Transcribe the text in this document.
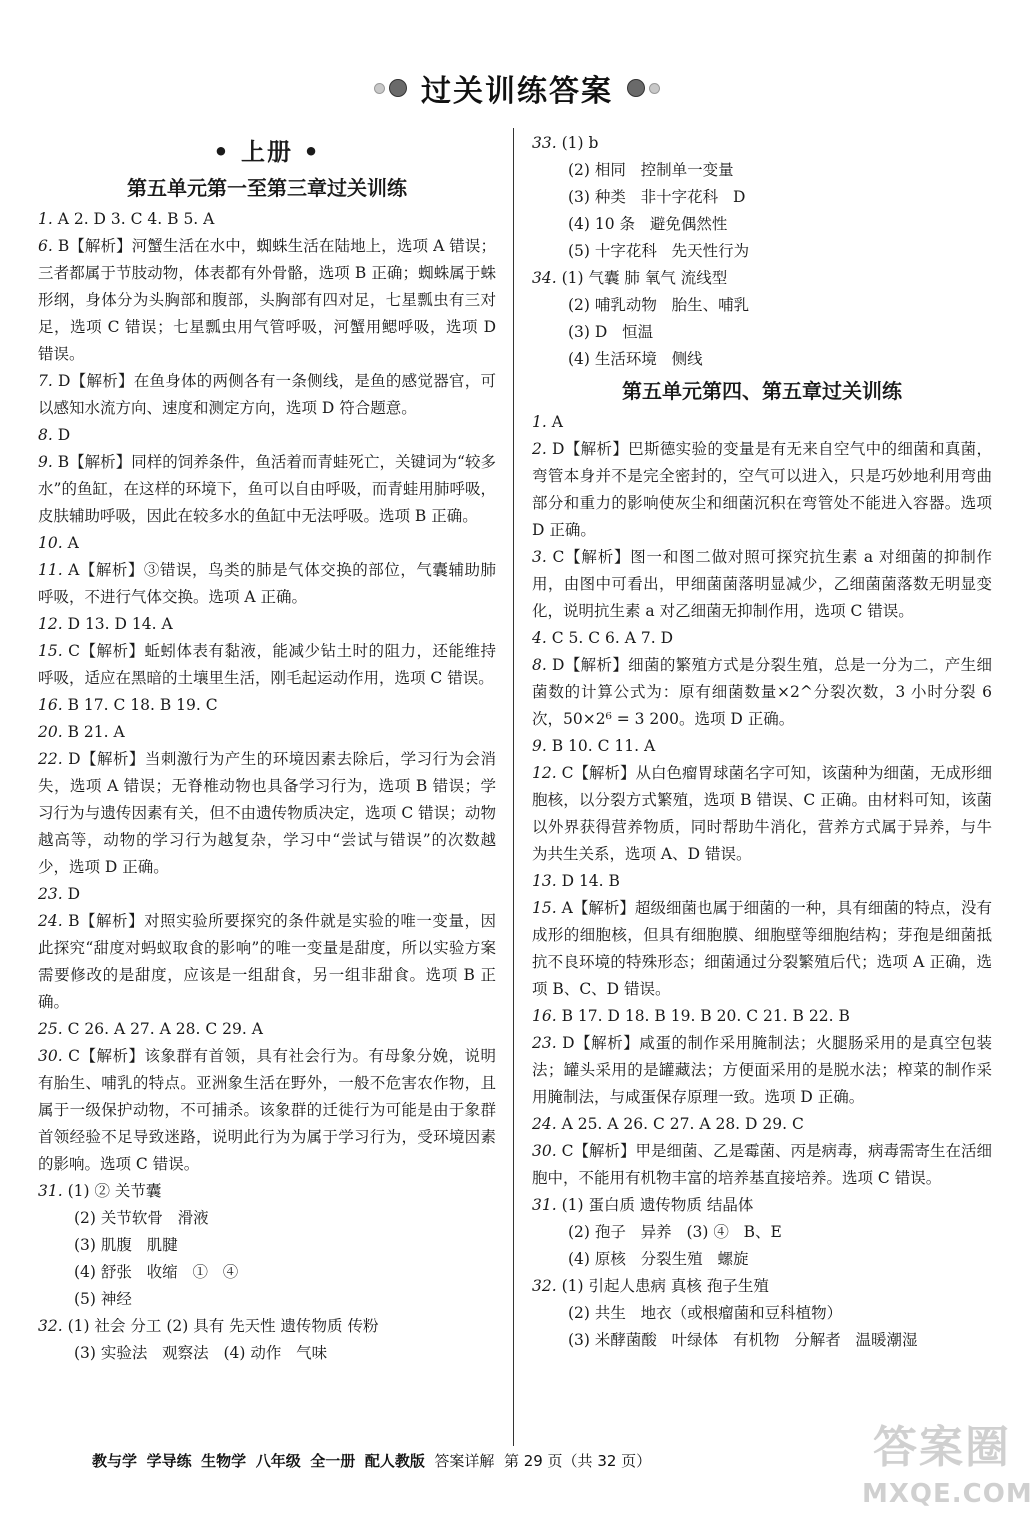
过关训练答案
• 上册 •
第五单元第一至第三章过关训练
1. A 2. D 3. C 4. B 5. A
6. B【解析】河蟹生活在水中，蜘蛛生活在陆地上，选项 A 错误；三者都属于节肢动物，体表都有外骨骼，选项 B 正确；蜘蛛属于蛛形纲，身体分为头胸部和腹部，头胸部有四对足，七星瓢虫有三对足，选项 C 错误；七星瓢虫用气管呼吸，河蟹用鳃呼吸，选项 D 错误。
7. D【解析】在鱼身体的两侧各有一条侧线，是鱼的感觉器官，可以感知水流方向、速度和测定方向，选项 D 符合题意。
8. D
9. B【解析】同样的饲养条件，鱼活着而青蛙死亡，关键词为“较多水”的鱼缸，在这样的环境下，鱼可以自由呼吸，而青蛙用肺呼吸，皮肤辅助呼吸，因此在较多水的鱼缸中无法呼吸。选项 B 正确。
10. A
11. A【解析】③错误，鸟类的肺是气体交换的部位，气囊辅助肺呼吸，不进行气体交换。选项 A 正确。
12. D 13. D 14. A
15. C【解析】蚯蚓体表有黏液，能减少钻土时的阻力，还能维持呼吸，适应在黑暗的土壤里生活，刚毛起运动作用，选项 C 错误。
16. B 17. C 18. B 19. C
20. B 21. A
22. D【解析】当刺激行为产生的环境因素去除后，学习行为会消失，选项 A 错误；无脊椎动物也具备学习行为，选项 B 错误；学习行为与遗传因素有关，但不由遗传物质决定，选项 C 错误；动物越高等，动物的学习行为越复杂，学习中“尝试与错误”的次数越少，选项 D 正确。
23. D
24. B【解析】对照实验所要探究的条件就是实验的唯一变量，因此探究“甜度对蚂蚁取食的影响”的唯一变量是甜度，所以实验方案需要修改的是甜度，应该是一组甜食，另一组非甜食。选项 B 正确。
25. C 26. A 27. A 28. C 29. A
30. C【解析】该象群有首领，具有社会行为。有母象分娩，说明有胎生、哺乳的特点。亚洲象生活在野外，一般不危害农作物，且属于一级保护动物，不可捕杀。该象群的迁徙行为可能是由于象群首领经验不足导致迷路，说明此行为为属于学习行为，受环境因素的影响。选项 C 错误。
31. (1) ② 关节囊
(2) 关节软骨   滑液
(3) 肌腹   肌腱
(4) 舒张   收缩   ①   ④
(5) 神经
32. (1) 社会 分工 (2) 具有 先天性 遗传物质 传粉
(3) 实验法   观察法   (4) 动作   气味
33. (1) b
(2) 相同   控制单一变量
(3) 种类   非十字花科   D
(4) 10 条   避免偶然性
(5) 十字花科   先天性行为
34. (1) 气囊 肺 氧气 流线型
(2) 哺乳动物   胎生、哺乳
(3) D   恒温
(4) 生活环境   侧线
第五单元第四、第五章过关训练
1. A
2. D【解析】巴斯德实验的变量是有无来自空气中的细菌和真菌，弯管本身并不是完全密封的，空气可以进入，只是巧妙地利用弯曲部分和重力的影响使灰尘和细菌沉积在弯管处不能进入容器。选项 D 正确。
3. C【解析】图一和图二做对照可探究抗生素 a 对细菌的抑制作用，由图中可看出，甲细菌菌落明显减少，乙细菌菌落数无明显变化，说明抗生素 a 对乙细菌无抑制作用，选项 C 错误。
4. C 5. C 6. A 7. D
8. D【解析】细菌的繁殖方式是分裂生殖，总是一分为二，产生细菌数的计算公式为：原有细菌数量×2^分裂次数，3 小时分裂 6 次，50×2⁶ = 3 200。选项 D 正确。
9. B 10. C 11. A
12. C【解析】从白色瘤胃球菌名字可知，该菌种为细菌，无成形细胞核，以分裂方式繁殖，选项 B 错误、C 正确。由材料可知，该菌以外界获得营养物质，同时帮助牛消化，营养方式属于异养，与牛为共生关系，选项 A、D 错误。
13. D 14. B
15. A【解析】超级细菌也属于细菌的一种，具有细菌的特点，没有成形的细胞核，但具有细胞膜、细胞壁等细胞结构；芽孢是细菌抵抗不良环境的特殊形态；细菌通过分裂繁殖后代；选项 A 正确，选项 B、C、D 错误。
16. B 17. D 18. B 19. B 20. C 21. B 22. B
23. D【解析】咸蛋的制作采用腌制法；火腿肠采用的是真空包装法；罐头采用的是罐藏法；方便面采用的是脱水法；榨菜的制作采用腌制法，与咸蛋保存原理一致。选项 D 正确。
24. A 25. A 26. C 27. A 28. D 29. C
30. C【解析】甲是细菌、乙是霉菌、丙是病毒，病毒需寄生在活细胞中，不能用有机物丰富的培养基直接培养。选项 C 错误。
31. (1) 蛋白质 遗传物质 结晶体
(2) 孢子   异养   (3) ④   B、E
(4) 原核   分裂生殖   螺旋
32. (1) 引起人患病 真核 孢子生殖
(2) 共生   地衣（或根瘤菌和豆科植物）
(3) 米酵菌酸   叶绿体   有机物   分解者   温暖潮湿
教与学 学导练 生物学 八年级 全一册 配人教版 答案详解 第 29 页（共 32 页）	答案圈
MXQE.COM
